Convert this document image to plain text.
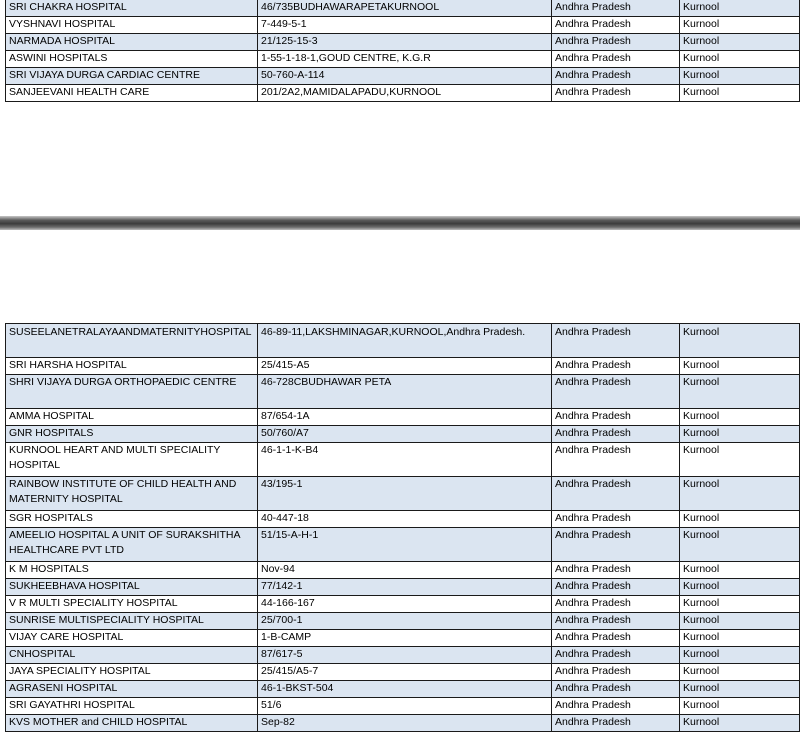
SRI CHAKRA HOSPITAL	46/735BUDHAWARAPETAKURNOOL	Andhra Pradesh	Kurnool
VYSHNAVI HOSPITAL	7-449-5-1	Andhra Pradesh	Kurnool
NARMADA HOSPITAL	21/125-15-3	Andhra Pradesh	Kurnool
ASWINI HOSPITALS	1-55-1-18-1,GOUD CENTRE, K.G.R	Andhra Pradesh	Kurnool
SRI VIJAYA DURGA CARDIAC CENTRE	50-760-A-114	Andhra Pradesh	Kurnool
SANJEEVANI HEALTH CARE	201/2A2,MAMIDALAPADU,KURNOOL	Andhra Pradesh	Kurnool
SUSEELANETRALAYAANDMATERNITYHOSPITAL	46-89-11,LAKSHMINAGAR,KURNOOL,Andhra Pradesh.	Andhra Pradesh	Kurnool
SRI HARSHA HOSPITAL	25/415-A5	Andhra Pradesh	Kurnool
SHRI VIJAYA DURGA ORTHOPAEDIC CENTRE	46-728CBUDHAWAR PETA	Andhra Pradesh	Kurnool
AMMA HOSPITAL	87/654-1A	Andhra Pradesh	Kurnool
GNR HOSPITALS	50/760/A7	Andhra Pradesh	Kurnool
KURNOOL HEART AND MULTI SPECIALITY HOSPITAL	46-1-1-K-B4	Andhra Pradesh	Kurnool
RAINBOW INSTITUTE OF CHILD HEALTH AND MATERNITY HOSPITAL	43/195-1	Andhra Pradesh	Kurnool
SGR HOSPITALS	40-447-18	Andhra Pradesh	Kurnool
AMEELIO HOSPITAL A UNIT OF SURAKSHITHA HEALTHCARE PVT LTD	51/15-A-H-1	Andhra Pradesh	Kurnool
K M HOSPITALS	Nov-94	Andhra Pradesh	Kurnool
SUKHEEBHAVA HOSPITAL	77/142-1	Andhra Pradesh	Kurnool
V R MULTI SPECIALITY HOSPITAL	44-166-167	Andhra Pradesh	Kurnool
SUNRISE MULTISPECIALITY HOSPITAL	25/700-1	Andhra Pradesh	Kurnool
VIJAY CARE HOSPITAL	1-B-CAMP	Andhra Pradesh	Kurnool
CNHOSPITAL	87/617-5	Andhra Pradesh	Kurnool
JAYA SPECIALITY HOSPITAL	25/415/A5-7	Andhra Pradesh	Kurnool
AGRASENI HOSPITAL	46-1-BKST-504	Andhra Pradesh	Kurnool
SRI GAYATHRI HOSPITAL	51/6	Andhra Pradesh	Kurnool
KVS MOTHER and CHILD HOSPITAL	Sep-82	Andhra Pradesh	Kurnool
